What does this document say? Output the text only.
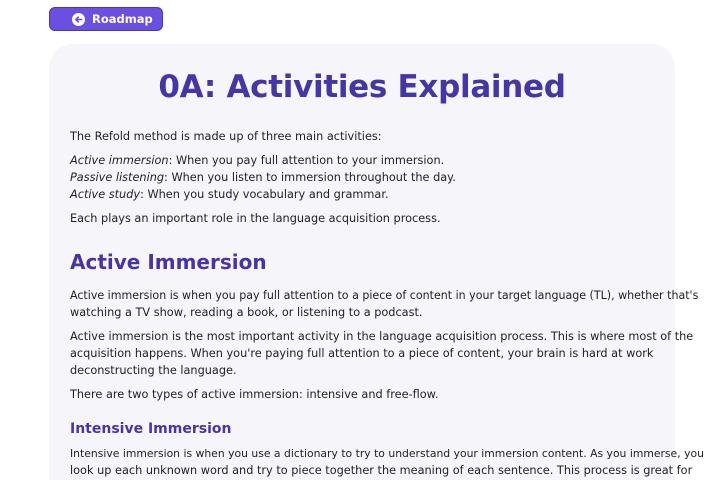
Roadmap
0A: Activities Explained

The Refold method is made up of three main activities:

Active immersion: When you pay full attention to your immersion.

Passive listening: When you listen to immersion throughout the day.

Active study: When you study vocabulary and grammar.

Each plays an important role in the language acquisition process.

Active Immersion

Active immersion is when you pay full attention to a piece of content in your target language (TL), whether that's

watching a TV show, reading a book, or listening to a podcast.

Active immersion is the most important activity in the language acquisition process. This is where most of the

acquisition happens. When you're paying full attention to a piece of content, your brain is hard at work

deconstructing the language.

There are two types of active immersion: intensive and free-flow.

Intensive Immersion

Intensive immersion is when you use a dictionary to try to understand your immersion content. As you immerse, you

look up each unknown word and try to piece together the meaning of each sentence. This process is great for
